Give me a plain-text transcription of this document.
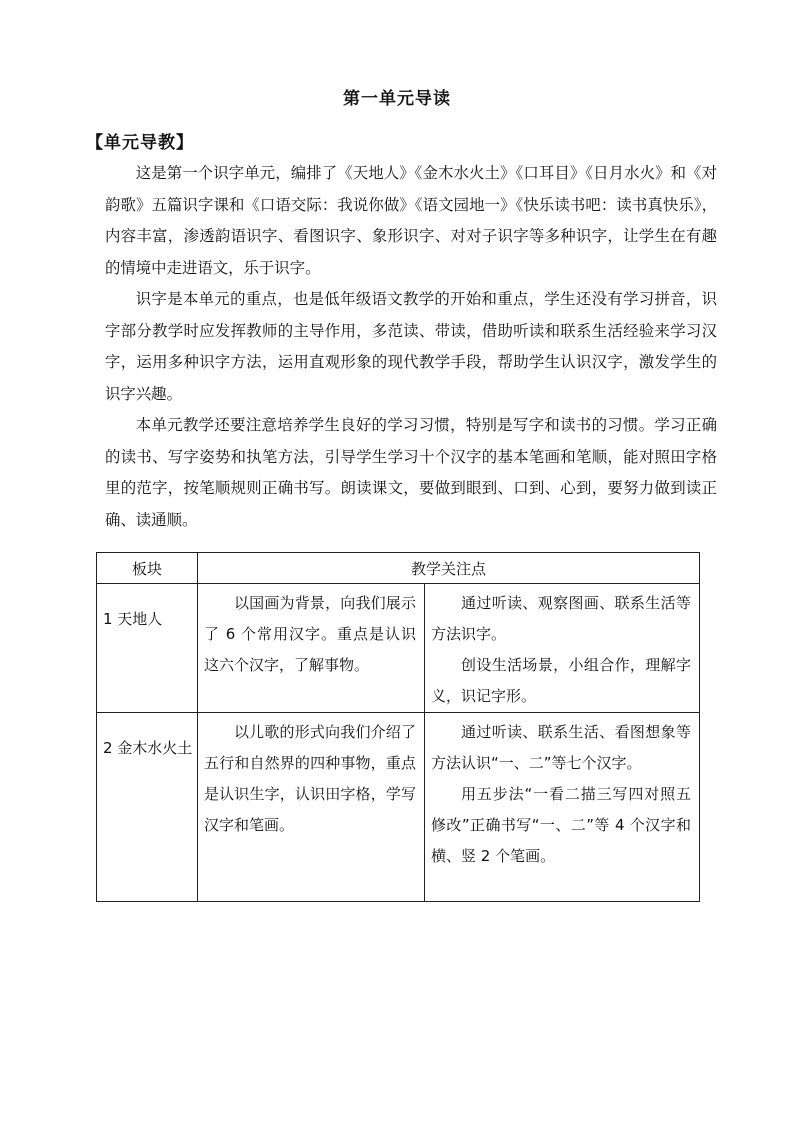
第一单元导读
【单元导教】

这是第一个识字单元，编排了《天地人》《金木水火土》《口耳目》《日月水火》和《对韵歌》五篇识字课和《口语交际：我说你做》《语文园地一》《快乐读书吧：读书真快乐》，内容丰富，渗透韵语识字、看图识字、象形识字、对对子识字等多种识字，让学生在有趣的情境中走进语文，乐于识字。

识字是本单元的重点，也是低年级语文教学的开始和重点，学生还没有学习拼音，识字部分教学时应发挥教师的主导作用，多范读、带读，借助听读和联系生活经验来学习汉字，运用多种识字方法，运用直观形象的现代教学手段，帮助学生认识汉字，激发学生的识字兴趣。

本单元教学还要注意培养学生良好的学习习惯，特别是写字和读书的习惯。学习正确的读书、写字姿势和执笔方法，引导学生学习十个汉字的基本笔画和笔顺，能对照田字格里的范字，按笔顺规则正确书写。朗读课文，要做到眼到、口到、心到，要努力做到读正确、读通顺。

板块	教学关注点	

1 天地人	以国画为背景，向我们展示了 6 个常用汉字。重点是认识这六个汉字，了解事物。	通过听读、观察图画、联系生活等方法识字。
创设生活场景，小组合作，理解字义，识记字形。

2 金木水火土	以儿歌的形式向我们介绍了五行和自然界的四种事物，重点是认识生字，认识田字格，学写汉字和笔画。	通过听读、联系生活、看图想象等方法认识“一、二”等七个汉字。
用五步法“一看二描三写四对照五修改”正确书写“一、二”等 4 个汉字和横、竖 2 个笔画。
